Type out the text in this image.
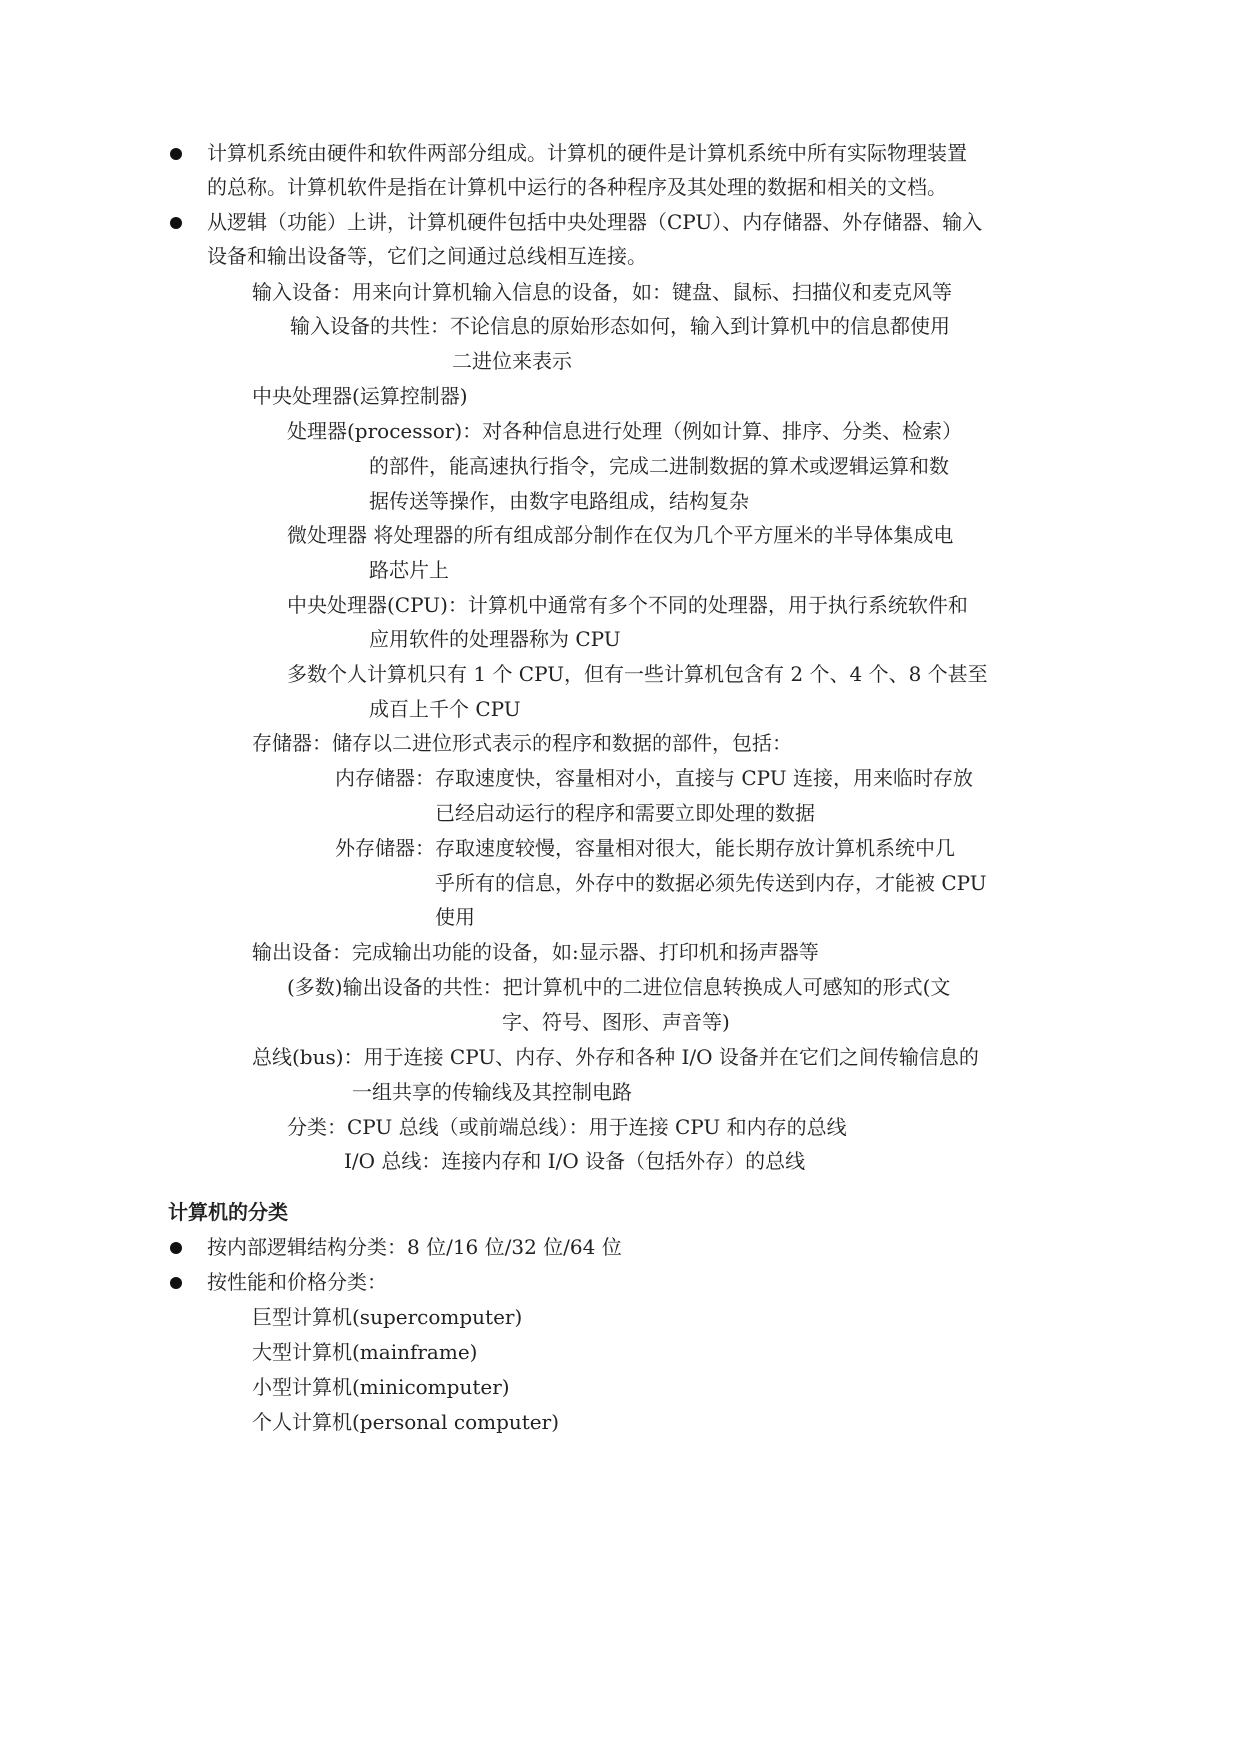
计算机系统由硬件和软件两部分组成。计算机的硬件是计算机系统中所有实际物理装置
的总称。计算机软件是指在计算机中运行的各种程序及其处理的数据和相关的文档。
从逻辑（功能）上讲，计算机硬件包括中央处理器（CPU）、内存储器、外存储器、输入
设备和输出设备等，它们之间通过总线相互连接。
输入设备：用来向计算机输入信息的设备，如：键盘、鼠标、扫描仪和麦克风等
输入设备的共性：不论信息的原始形态如何，输入到计算机中的信息都使用
二进位来表示
中央处理器(运算控制器)
处理器(processor)：对各种信息进行处理（例如计算、排序、分类、检索）
的部件，能高速执行指令，完成二进制数据的算术或逻辑运算和数
据传送等操作，由数字电路组成，结构复杂
微处理器 将处理器的所有组成部分制作在仅为几个平方厘米的半导体集成电
路芯片上
中央处理器(CPU)：计算机中通常有多个不同的处理器，用于执行系统软件和
应用软件的处理器称为 CPU
多数个人计算机只有 1 个 CPU，但有一些计算机包含有 2 个、4 个、8 个甚至
成百上千个 CPU
存储器：储存以二进位形式表示的程序和数据的部件，包括：
内存储器：存取速度快，容量相对小，直接与 CPU 连接，用来临时存放
已经启动运行的程序和需要立即处理的数据
外存储器：存取速度较慢，容量相对很大，能长期存放计算机系统中几
乎所有的信息，外存中的数据必须先传送到内存，才能被 CPU
使用
输出设备：完成输出功能的设备，如:显示器、打印机和扬声器等
(多数)输出设备的共性：把计算机中的二进位信息转换成人可感知的形式(文
字、符号、图形、声音等)
总线(bus)：用于连接 CPU、内存、外存和各种 I/O 设备并在它们之间传输信息的
一组共享的传输线及其控制电路
分类：CPU 总线（或前端总线）：用于连接 CPU 和内存的总线
I/O 总线：连接内存和 I/O 设备（包括外存）的总线
计算机的分类
按内部逻辑结构分类：8 位/16 位/32 位/64 位
按性能和价格分类：
巨型计算机(supercomputer)
大型计算机(mainframe)
小型计算机(minicomputer)
个人计算机(personal computer)
